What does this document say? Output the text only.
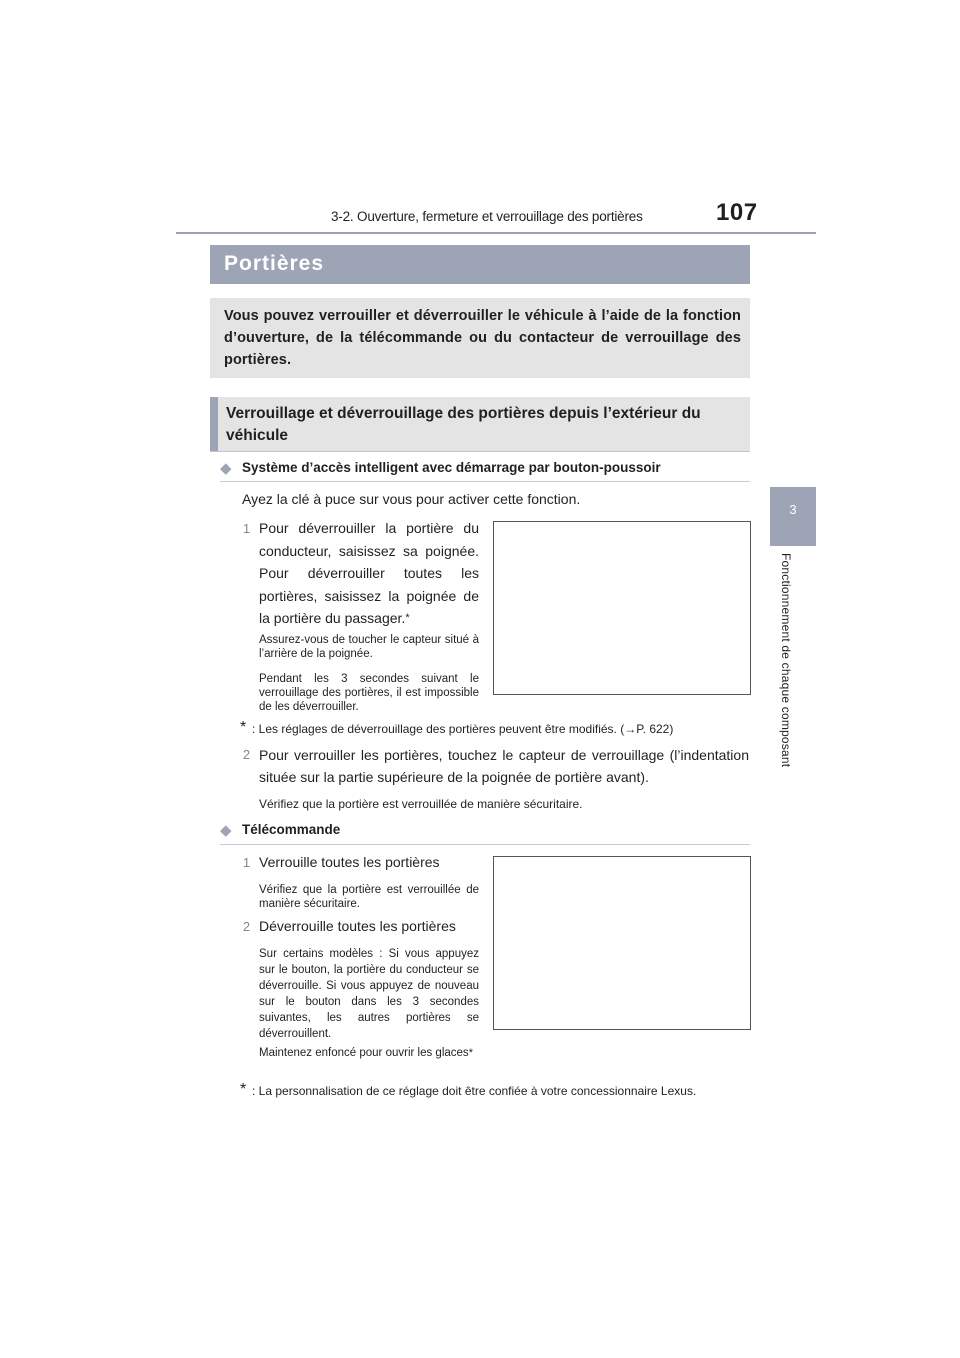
3-2. Ouverture, fermeture et verrouillage des portières	107
3
Fonctionnement de chaque composant
Portières
Vous pouvez verrouiller et déverrouiller le véhicule à l’aide de la fonction d’ouverture, de la télécommande ou du contacteur de verrouillage des portières.
Verrouillage et déverrouillage des portières depuis l’extérieur du véhicule
◆ Système d’accès intelligent avec démarrage par bouton-poussoir
Ayez la clé à puce sur vous pour activer cette fonction.
1 Pour déverrouiller la portière du conducteur, saisissez sa poignée. Pour déverrouiller toutes les portières, saisissez la poignée de la portière du passager.*
Assurez-vous de toucher le capteur situé à l’arrière de la poignée.
Pendant les 3 secondes suivant le verrouillage des portières, il est impossible de les déverrouiller.
* : Les réglages de déverrouillage des portières peuvent être modifiés. (→P. 622)
2 Pour verrouiller les portières, touchez le capteur de verrouillage (l’indentation située sur la partie supérieure de la poignée de portière avant).
Vérifiez que la portière est verrouillée de manière sécuritaire.
◆ Télécommande
1 Verrouille toutes les portières
Vérifiez que la portière est verrouillée de manière sécuritaire.
2 Déverrouille toutes les portières
Sur certains modèles : Si vous appuyez sur le bouton, la portière du conducteur se déverrouille. Si vous appuyez de nouveau sur le bouton dans les 3 secondes suivantes, les autres portières se déverrouillent.
Maintenez enfoncé pour ouvrir les glaces*
* : La personnalisation de ce réglage doit être confiée à votre concessionnaire Lexus.
